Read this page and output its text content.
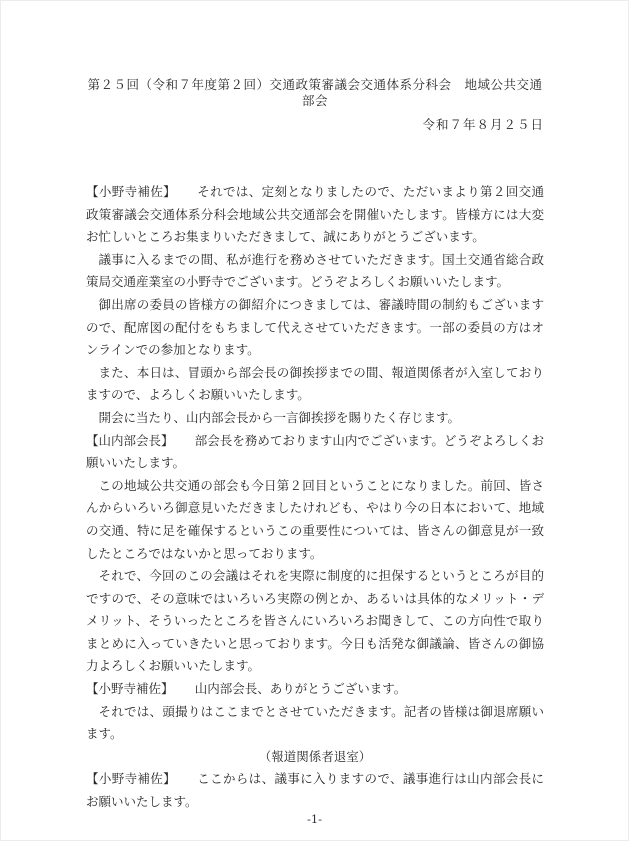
第２５回（令和７年度第２回）交通政策審議会交通体系分科会　地域公共交通部会
令和７年８月２５日

【小野寺補佐】 それでは、定刻となりましたので、ただいまより第２回交通政策審議会交通体系分科会地域公共交通部会を開催いたします。皆様方には大変お忙しいところお集まりいただきまして、誠にありがとうございます。

議事に入るまでの間、私が進行を務めさせていただきます。国土交通省総合政策局交通産業室の小野寺でございます。どうぞよろしくお願いいたします。

御出席の委員の皆様方の御紹介につきましては、審議時間の制約もございますので、配席図の配付をもちまして代えさせていただきます。一部の委員の方はオンラインでの参加となります。

また、本日は、冒頭から部会長の御挨拶までの間、報道関係者が入室しておりますので、よろしくお願いいたします。

開会に当たり、山内部会長から一言御挨拶を賜りたく存じます。

【山内部会長】 部会長を務めております山内でございます。どうぞよろしくお願いいたします。

この地域公共交通の部会も今日第２回目ということになりました。前回、皆さんからいろいろ御意見いただきましたけれども、やはり今の日本において、地域の交通、特に足を確保するというこの重要性については、皆さんの御意見が一致したところではないかと思っております。

それで、今回のこの会議はそれを実際に制度的に担保するというところが目的ですので、その意味ではいろいろ実際の例とか、あるいは具体的なメリット・デメリット、そういったところを皆さんにいろいろお聞きして、この方向性で取りまとめに入っていきたいと思っております。今日も活発な御議論、皆さんの御協力よろしくお願いいたします。

【小野寺補佐】 山内部会長、ありがとうございます。

それでは、頭撮りはここまでとさせていただきます。記者の皆様は御退席願います。

（報道関係者退室）

【小野寺補佐】 ここからは、議事に入りますので、議事進行は山内部会長にお願いいたします。

-1-
